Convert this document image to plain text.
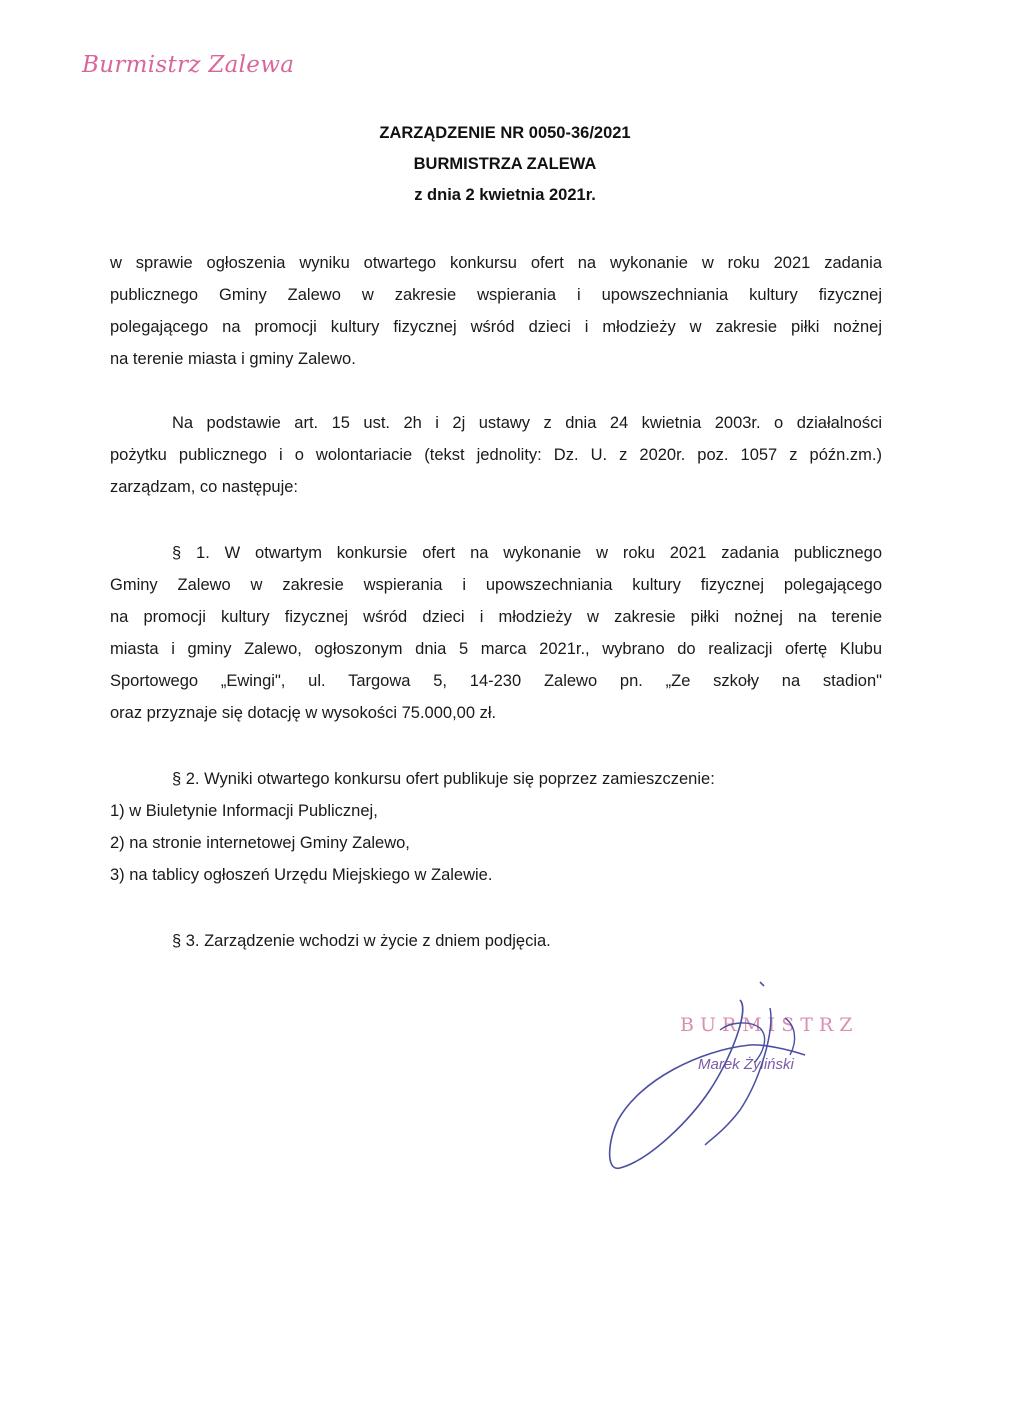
Burmistrz Zalewa
ZARZĄDZENIE NR 0050-36/2021
BURMISTRZA ZALEWA
z dnia 2 kwietnia 2021r.
w sprawie ogłoszenia wyniku otwartego konkursu ofert na wykonanie w roku 2021 zadania
publicznego Gminy Zalewo w zakresie wspierania i upowszechniania kultury fizycznej
polegającego na promocji kultury fizycznej wśród dzieci i młodzieży w zakresie piłki nożnej
na terenie miasta i gminy Zalewo.
Na podstawie art. 15 ust. 2h i 2j ustawy z dnia 24 kwietnia 2003r. o działalności
pożytku publicznego i o wolontariacie (tekst jednolity: Dz. U. z 2020r. poz. 1057 z późn.zm.)
zarządzam, co następuje:
§ 1. W otwartym konkursie ofert na wykonanie w roku 2021 zadania publicznego
Gminy Zalewo w zakresie wspierania i upowszechniania kultury fizycznej polegającego
na promocji kultury fizycznej wśród dzieci i młodzieży w zakresie piłki nożnej na terenie
miasta i gminy Zalewo, ogłoszonym dnia 5 marca 2021r., wybrano do realizacji ofertę Klubu
Sportowego „Ewingi", ul. Targowa 5, 14-230 Zalewo pn. „Ze szkoły na stadion"
oraz przyznaje się dotację w wysokości 75.000,00 zł.
§ 2. Wyniki otwartego konkursu ofert publikuje się poprzez zamieszczenie:
1) w Biuletynie Informacji Publicznej,
2) na stronie internetowej Gminy Zalewo,
3) na tablicy ogłoszeń Urzędu Miejskiego w Zalewie.
§ 3. Zarządzenie wchodzi w życie z dniem podjęcia.
BURMISTRZ
Marek Żyliński
